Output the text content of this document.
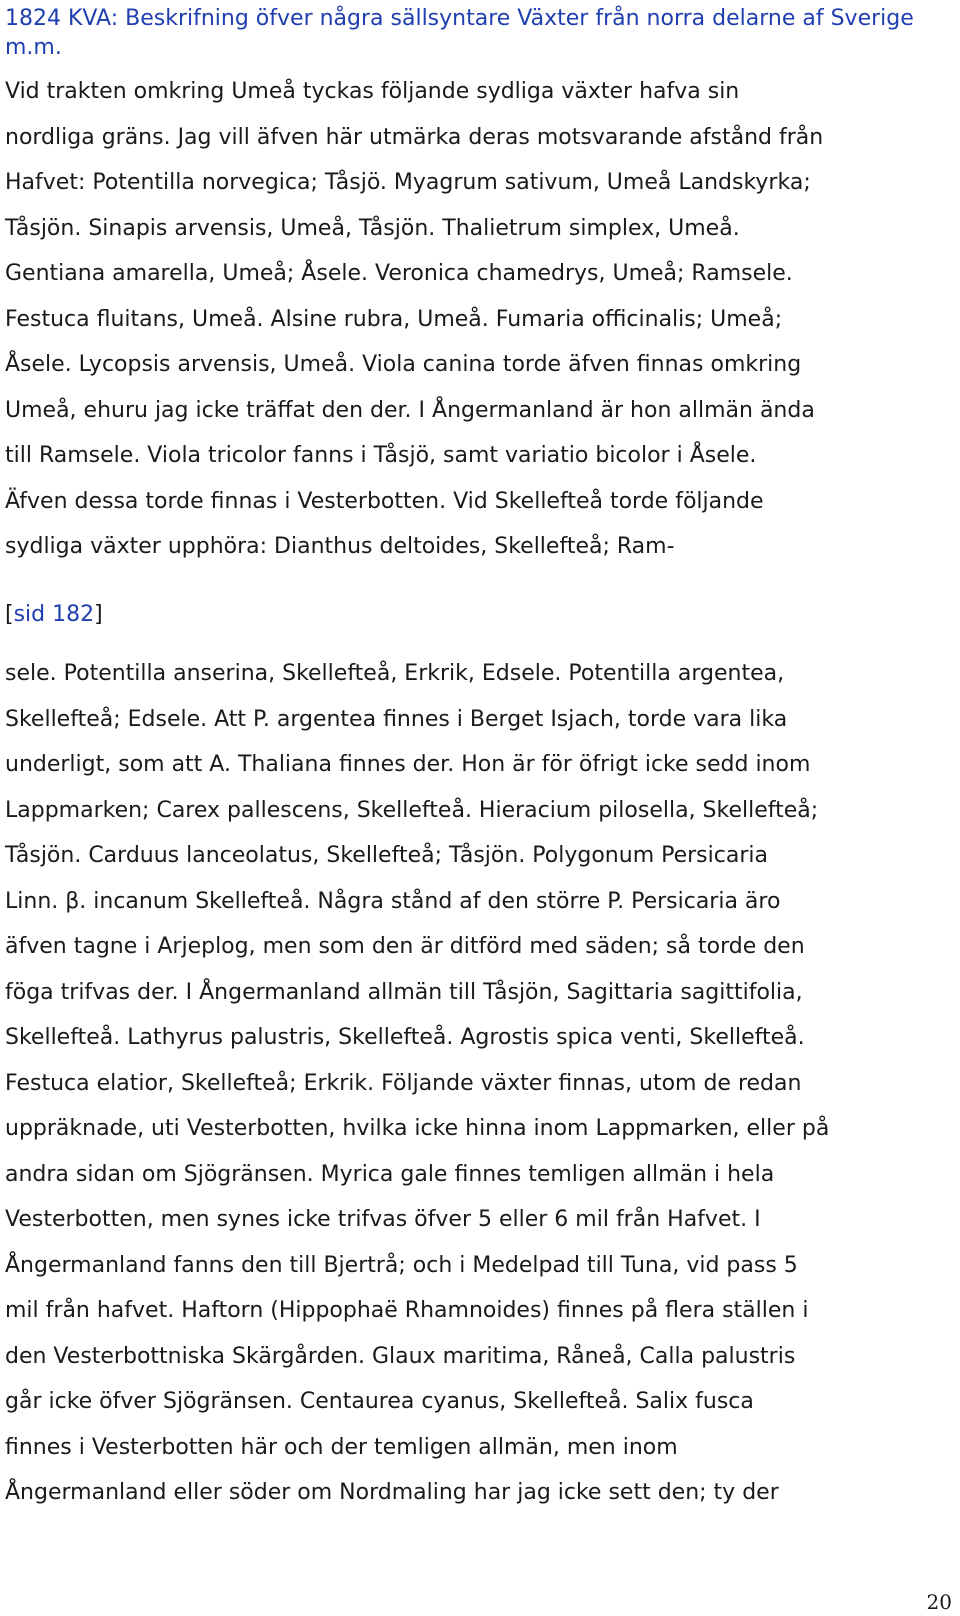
1824 KVA: Beskrifning öfver några sällsyntare Växter från norra delarne af Sverige m.m.

Vid trakten omkring Umeå tyckas följande sydliga växter hafva sin
nordliga gräns. Jag vill äfven här utmärka deras motsvarande afstånd från
Hafvet: Potentilla norvegica; Tåsjö. Myagrum sativum, Umeå Landskyrka;
Tåsjön. Sinapis arvensis, Umeå, Tåsjön. Thalietrum simplex, Umeå.
Gentiana amarella, Umeå; Åsele. Veronica chamedrys, Umeå; Ramsele.
Festuca fluitans, Umeå. Alsine rubra, Umeå. Fumaria officinalis; Umeå;
Åsele. Lycopsis arvensis, Umeå. Viola canina torde äfven finnas omkring
Umeå, ehuru jag icke träffat den der. I Ångermanland är hon allmän ända
till Ramsele. Viola tricolor fanns i Tåsjö, samt variatio bicolor i Åsele.
Äfven dessa torde finnas i Vesterbotten. Vid Skellefteå torde följande
sydliga växter upphöra: Dianthus deltoides, Skellefteå; Ram-

[sid 182]

sele. Potentilla anserina, Skellefteå, Erkrik, Edsele. Potentilla argentea,
Skellefteå; Edsele. Att P. argentea finnes i Berget Isjach, torde vara lika
underligt, som att A. Thaliana finnes der. Hon är för öfrigt icke sedd inom
Lappmarken; Carex pallescens, Skellefteå. Hieracium pilosella, Skellefteå;
Tåsjön. Carduus lanceolatus, Skellefteå; Tåsjön. Polygonum Persicaria
Linn. β. incanum Skellefteå. Några stånd af den större P. Persicaria äro
äfven tagne i Arjeplog, men som den är ditförd med säden; så torde den
föga trifvas der. I Ångermanland allmän till Tåsjön, Sagittaria sagittifolia,
Skellefteå. Lathyrus palustris, Skellefteå. Agrostis spica venti, Skellefteå.
Festuca elatior, Skellefteå; Erkrik. Följande växter finnas, utom de redan
uppräknade, uti Vesterbotten, hvilka icke hinna inom Lappmarken, eller på
andra sidan om Sjögränsen. Myrica gale finnes temligen allmän i hela
Vesterbotten, men synes icke trifvas öfver 5 eller 6 mil från Hafvet. I
Ångermanland fanns den till Bjertrå; och i Medelpad till Tuna, vid pass 5
mil från hafvet. Haftorn (Hippophaë Rhamnoides) finnes på flera ställen i
den Vesterbottniska Skärgården. Glaux maritima, Råneå, Calla palustris
går icke öfver Sjögränsen. Centaurea cyanus, Skellefteå. Salix fusca
finnes i Vesterbotten här och der temligen allmän, men inom
Ångermanland eller söder om Nordmaling har jag icke sett den; ty der

20
